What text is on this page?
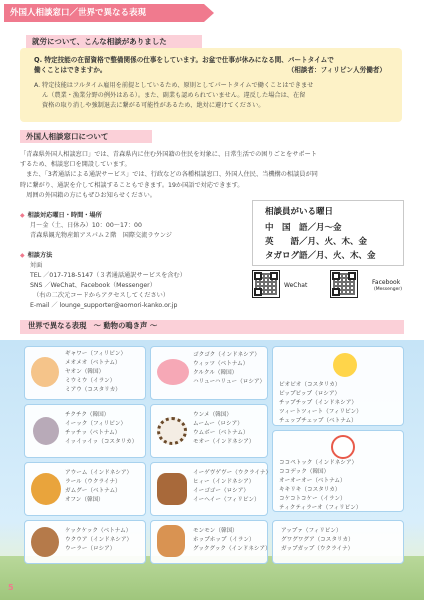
外国人相談窓口／世界で異なる表現
就労について、こんな相談がありました
Q. 特定技能の在留資格で整備関係の仕事をしています。お盆で仕事が休みになる間、パートタイムで
働くことはできますか。	（相談者：フィリピン人労働者）
A. 特定技能はフルタイム雇用を前提としているため、原則としてパートタイムで働くことはできませ
ん（農業・漁業分野の例外はある）。また、副業も認められていません。違反した場合は、在留
資格の取り消しや強制退去に繋がる可能性があるため、絶対に避けてください。
外国人相談窓口について
「青森県外国人相談窓口」では、青森県内に住む外国籍の住民を対象に、日常生活での困りごとをサポート
するため、相談窓口を開設しています。
　また、「3者通話による通訳サービス」では、行政などの各種相談窓口、外国人住民、当機構の相談員が同
時に繋がり、通訳を介して相談することもできます。19か国語で対応できます。
　周囲の外国籍の方にもぜひお知らせください。
◆ 相談対応曜日・時間・場所
月～金（土、日休み）10：00～17：00
青森県観光物産館アスパム２階　国際交流ラウンジ
◆ 相談方法
対面
TEL ／017-718-5147（３者通話通訳サービスを含む）
SNS ／WeChat、Facebook（Messenger）
　（右の二次元コードからアクセスしてください）
E-mail ／ lounge_supporter@aomori-kanko.or.jp
相談員がいる曜日
中　国　語／月～金
英　　語／月、火、木、金
タガログ語／月、火、木、金
WeChat	Facebook
(Messenger)
世界で異なる表現　～ 動物の鳴き声 ～
ギャワー（フィリピン）
メオメオ（ベトナム）
ヤオン（韓国）
ミウミウ（イラン）
ミアウ（コスタリカ）
ゴクゴク（インドネシア）
ウィッツ（ベトナム）
クルクル（韓国）
ハリューハリュー（ロシア） ピオピオ（コスタリカ）
ピップピップ（ロシア）
チップチップ（インドネシア）
ツィートツィート（フィリピン）
チェップチェップ（ベトナム）
チクチク（韓国）
イーック（フィリピン）
チッチッ（ベトナム）
イッイッイッ（コスタリカ）
ウンメ（韓国）
ムームー（ロシア）
ウムボー（ベトナム）
モオー（インドネシア）
ココペトック（インドネシア）
ココデック（韓国）
オーオーオー（ベトナム）
キキリキ（コスタリカ）
コケコトコケー（イラン）
ティクティラーオ（フィリピン）
アウーム（インドネシア）
ラール（ウクライナ）
ガムグー（ベトナム）
オフン（韓国）
イーゲヴゲヴー（ウクライナ）
ヒィー（インドネシア）
イーゴゴー（ロシア）
イーヘイー（フィリピン）
ケックケック（ベトナム）
ウクウア（インドネシア）
ウーラー（ロシア）
モンモン（韓国）
ホップホップ（イラン）
グックグック（インドネシア）
アップァ（フィリピン）
グワグワグア（コスタリカ）
ガップガップ（ウクライナ）
5
